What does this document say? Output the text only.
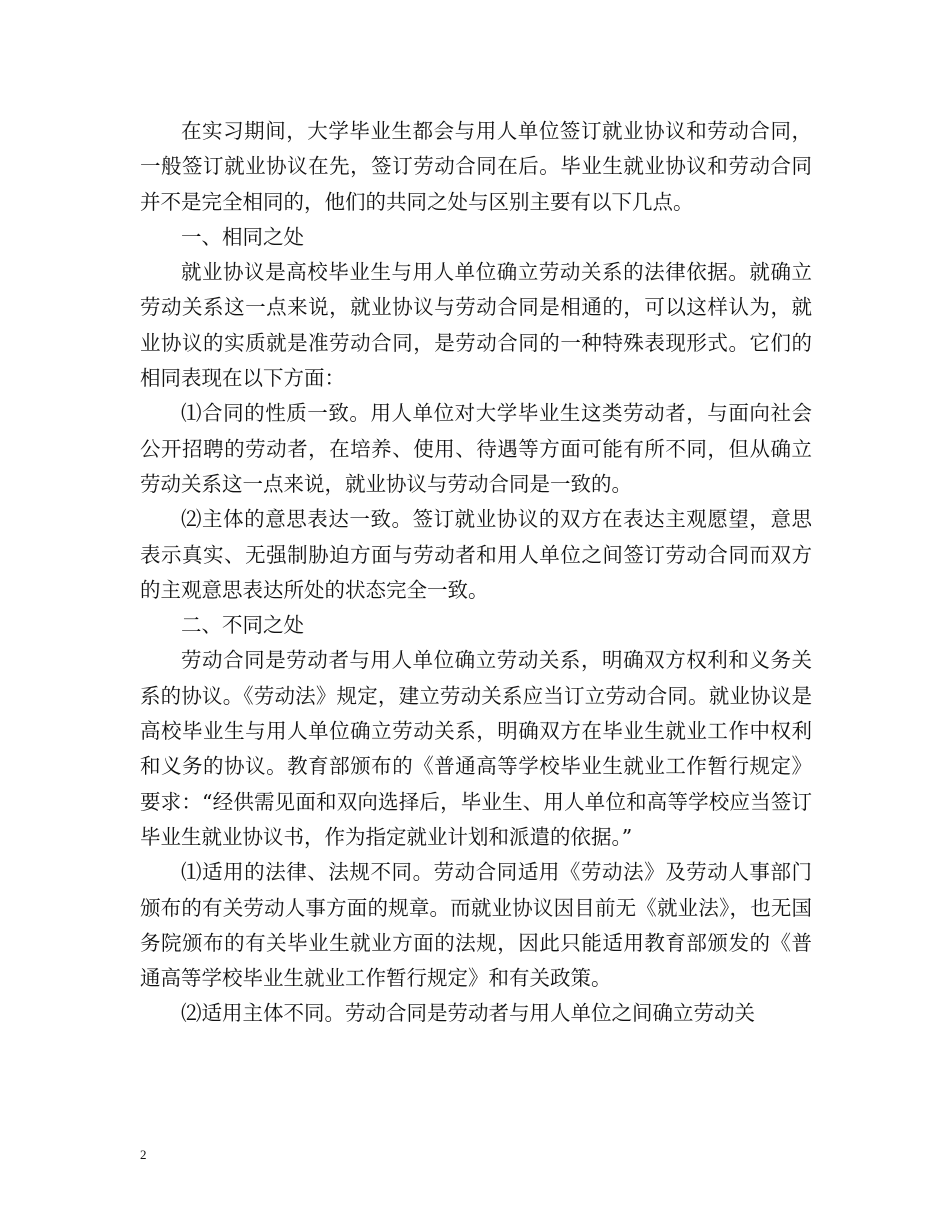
在实习期间，大学毕业生都会与用人单位签订就业协议和劳动合同，一般签订就业协议在先，签订劳动合同在后。毕业生就业协议和劳动合同并不是完全相同的，他们的共同之处与区别主要有以下几点。

一、相同之处

就业协议是高校毕业生与用人单位确立劳动关系的法律依据。就确立劳动关系这一点来说，就业协议与劳动合同是相通的，可以这样认为，就业协议的实质就是准劳动合同，是劳动合同的一种特殊表现形式。它们的相同表现在以下方面：

⑴合同的性质一致。用人单位对大学毕业生这类劳动者，与面向社会公开招聘的劳动者，在培养、使用、待遇等方面可能有所不同，但从确立劳动关系这一点来说，就业协议与劳动合同是一致的。

⑵主体的意思表达一致。签订就业协议的双方在表达主观愿望，意思表示真实、无强制胁迫方面与劳动者和用人单位之间签订劳动合同而双方的主观意思表达所处的状态完全一致。

二、不同之处

劳动合同是劳动者与用人单位确立劳动关系，明确双方权利和义务关系的协议。《劳动法》规定，建立劳动关系应当订立劳动合同。就业协议是高校毕业生与用人单位确立劳动关系，明确双方在毕业生就业工作中权利和义务的协议。教育部颁布的《普通高等学校毕业生就业工作暂行规定》要求：“经供需见面和双向选择后，毕业生、用人单位和高等学校应当签订毕业生就业协议书，作为指定就业计划和派遣的依据。”

⑴适用的法律、法规不同。劳动合同适用《劳动法》及劳动人事部门颁布的有关劳动人事方面的规章。而就业协议因目前无《就业法》，也无国务院颁布的有关毕业生就业方面的法规，因此只能适用教育部颁发的《普通高等学校毕业生就业工作暂行规定》和有关政策。

⑵适用主体不同。劳动合同是劳动者与用人单位之间确立劳动关

2
